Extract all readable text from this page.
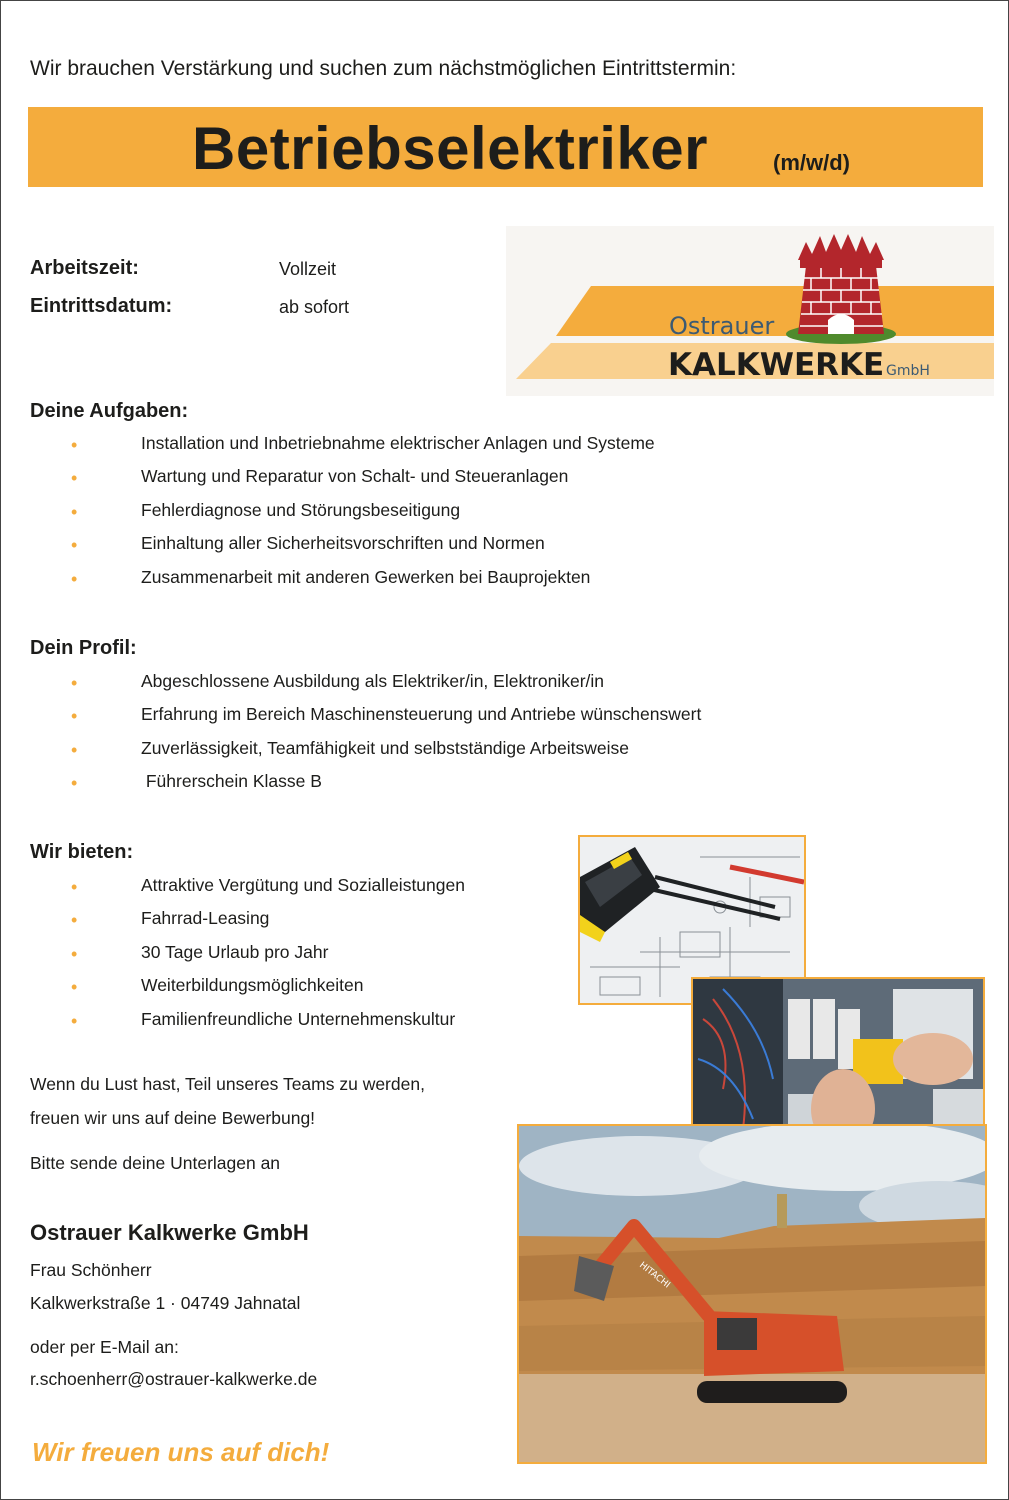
Wir brauchen Verstärkung und suchen zum nächstmöglichen Eintrittstermin:
Betriebselektriker	(m/w/d)
Arbeitszeit:	Vollzeit
Eintrittsdatum:	ab sofort
Ostrauer
KALKWERKE GmbH
Deine Aufgaben:
•	Installation und Inbetriebnahme elektrischer Anlagen und Systeme
•	Wartung und Reparatur von Schalt- und Steueranlagen
•	Fehlerdiagnose und Störungsbeseitigung
•	Einhaltung aller Sicherheitsvorschriften und Normen
•	Zusammenarbeit mit anderen Gewerken bei Bauprojekten
Dein Profil:
•	Abgeschlossene Ausbildung als Elektriker/in, Elektroniker/in
•	Erfahrung im Bereich Maschinensteuerung und Antriebe wünschenswert
•	Zuverlässigkeit, Teamfähigkeit und selbstständige Arbeitsweise
•	Führerschein Klasse B
Wir bieten:
•	Attraktive Vergütung und Sozialleistungen
•	Fahrrad-Leasing
•	30 Tage Urlaub pro Jahr
•	Weiterbildungsmöglichkeiten
•	Familienfreundliche Unternehmenskultur
Wenn du Lust hast, Teil unseres Teams zu werden,
freuen wir uns auf deine Bewerbung!
Bitte sende deine Unterlagen an
Ostrauer Kalkwerke GmbH
Frau Schönherr
Kalkwerkstraße 1 · 04749 Jahnatal
oder per E-Mail an:
r.schoenherr@ostrauer-kalkwerke.de
Wir freuen uns auf dich!
HITACHI
